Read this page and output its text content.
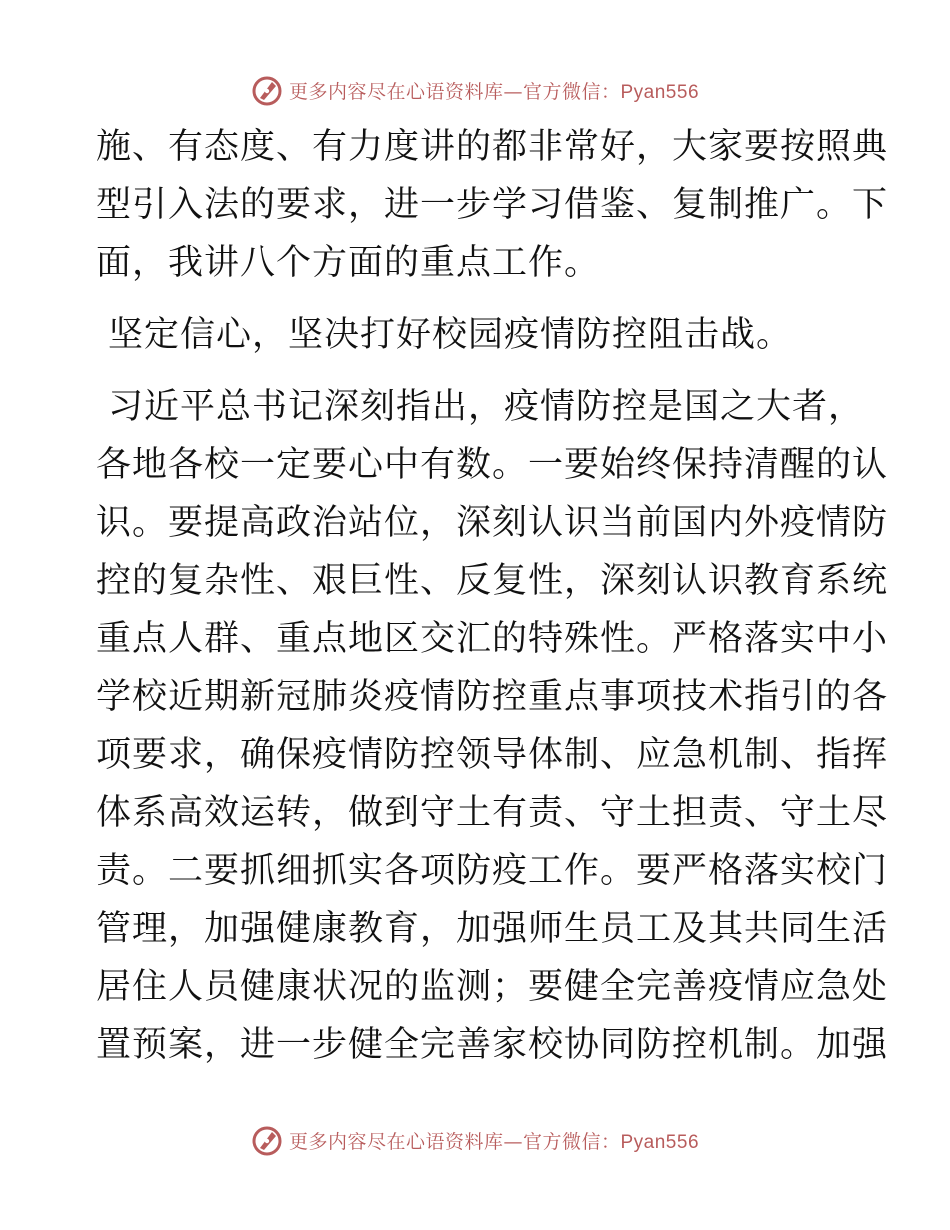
更多内容尽在心语资料库—官方微信：Pyan556
施、有态度、有力度讲的都非常好，大家要按照典
型引入法的要求，进一步学习借鉴、复制推广。下
面，我讲八个方面的重点工作。
坚定信心，坚决打好校园疫情防控阻击战。
习近平总书记深刻指出，疫情防控是国之大者，
各地各校一定要心中有数。一要始终保持清醒的认
识。要提高政治站位，深刻认识当前国内外疫情防
控的复杂性、艰巨性、反复性，深刻认识教育系统
重点人群、重点地区交汇的特殊性。严格落实中小
学校近期新冠肺炎疫情防控重点事项技术指引的各
项要求，确保疫情防控领导体制、应急机制、指挥
体系高效运转，做到守土有责、守土担责、守土尽
责。二要抓细抓实各项防疫工作。要严格落实校门
管理，加强健康教育，加强师生员工及其共同生活
居住人员健康状况的监测；要健全完善疫情应急处
置预案，进一步健全完善家校协同防控机制。加强
更多内容尽在心语资料库—官方微信：Pyan556
